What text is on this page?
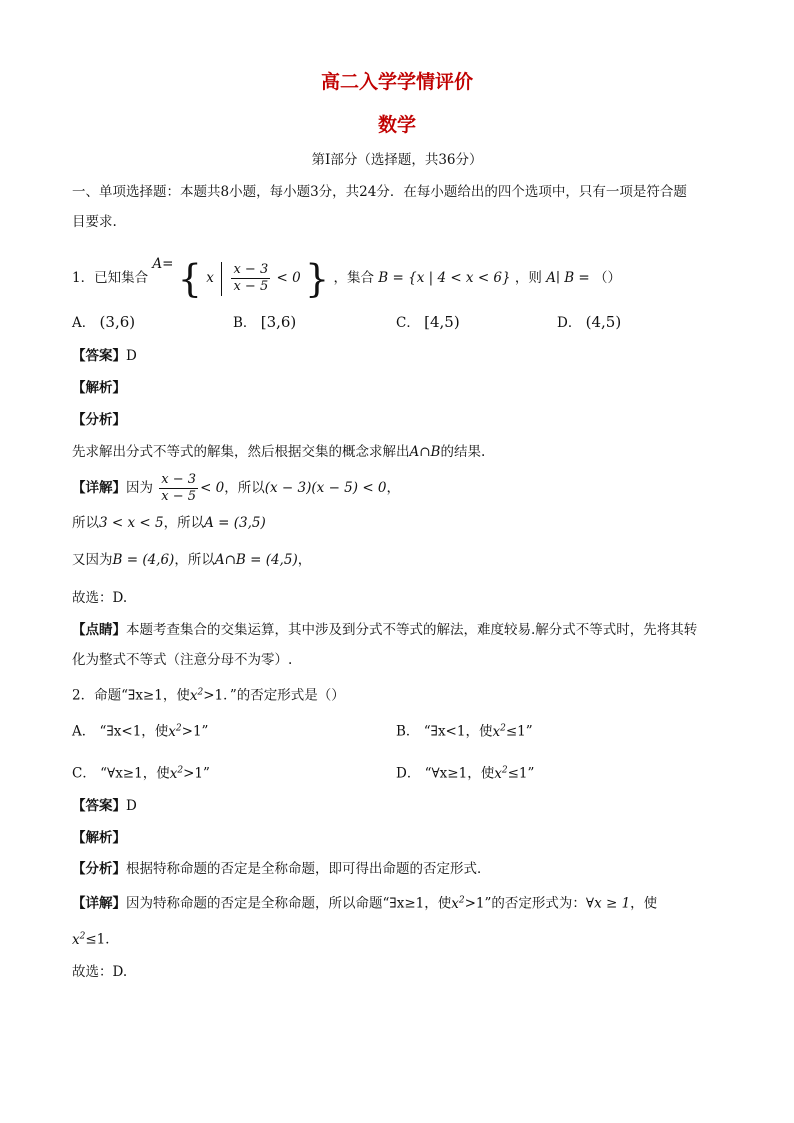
高二入学学情评价
数学
第Ⅰ部分（选择题，共36分）
一、单项选择题：本题共8小题，每小题3分，共24分．在每小题给出的四个选项中，只有一项是符合题
目要求.
1．已知集合 A= { x $\frac{x - 3}{x - 5} < 0$ } ，集合 B = {x | 4 < x < 6} ，则 A∣ B = （）
A． (3,6)	B． [3,6)	C． [4,5)	D． (4,5)
【答案】D
【解析】
【分析】
先求解出分式不等式的解集，然后根据交集的概念求解出A∩B的结果.
【详解】因为 $\frac{x - 3}{x - 5} < 0$，所以(x − 3)(x − 5) < 0，
所以3 < x < 5，所以A = (3,5)
又因为B = (4,6)，所以A∩B = (4,5)，
故选：D.
【点睛】本题考查集合的交集运算，其中涉及到分式不等式的解法，难度较易.解分式不等式时，先将其转
化为整式不等式（注意分母不为零）.
2．命题“∃x≥1，使$x^2>1$．”的否定形式是（）
A． “∃x<1，使$x^2>1$”	B． “∃x<1，使$x^2\le 1$”
C． “∀x≥1，使$x^2>1$”	D． “∀x≥1，使$x^2\le 1$”
【答案】D
【解析】
【分析】根据特称命题的否定是全称命题，即可得出命题的否定形式．
【详解】因为特称命题的否定是全称命题，所以命题“∃x≥1，使$x^2>1$”的否定形式为：∀x ≥ 1，使
$x^2\le 1$．
故选：D.
